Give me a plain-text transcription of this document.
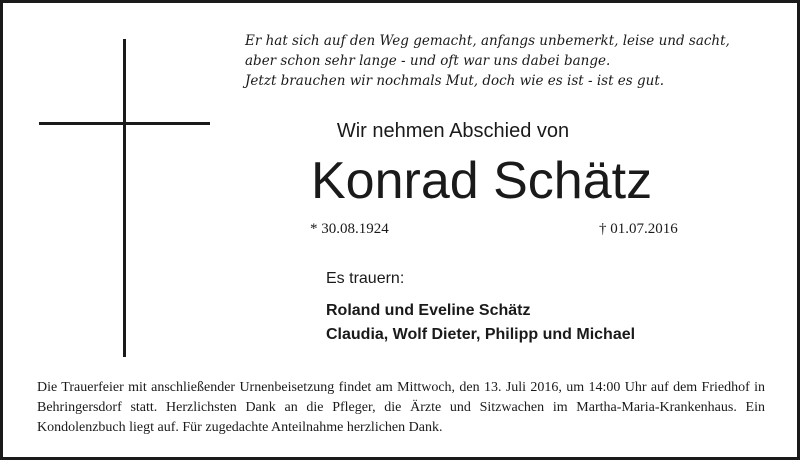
Er hat sich auf den Weg gemacht, anfangs unbemerkt, leise und sacht,
aber schon sehr lange - und oft war uns dabei bange.
Jetzt brauchen wir nochmals Mut, doch wie es ist - ist es gut.
Wir nehmen Abschied von
Konrad Schätz
* 30.08.1924	† 01.07.2016
Es trauern:
Roland und Eveline Schätz
Claudia, Wolf Dieter, Philipp und Michael
Die Trauerfeier mit anschließender Urnenbeisetzung findet am Mittwoch, den 13. Juli 2016, um 14:00 Uhr auf dem Friedhof in Behringersdorf statt. Herzlichsten Dank an die Pfleger, die Ärzte und Sitzwachen im Martha-Maria-Krankenhaus. Ein Kondolenzbuch liegt auf. Für zugedachte Anteilnahme herzlichen Dank.
